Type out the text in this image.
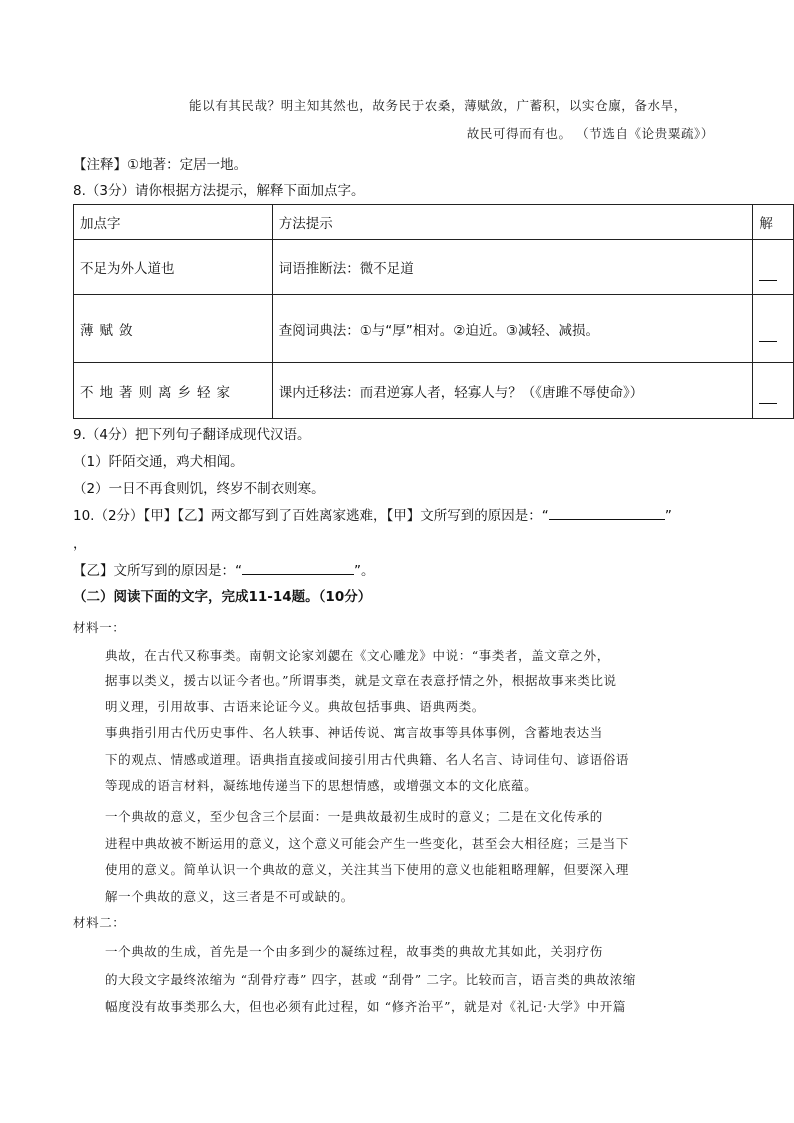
能以有其民哉？明主知其然也，故务民于农桑，薄赋敛，广蓄积，以实仓廪，备水旱，
故民可得而有也。 （节选自《论贵粟疏》）
【注释】①地著：定居一地。
8.（3分）请你根据方法提示，解释下面加点字。
加点字	方法提示	解
不足为外人道也	词语推断法：微不足道	
薄赋敛	查阅词典法：①与“厚”相对。②迫近。③减轻、减损。	
不地著则离乡轻家	课内迁移法：而君逆寡人者，轻寡人与？（《唐雎不辱使命》）	
9.（4分）把下列句子翻译成现代汉语。
（1）阡陌交通，鸡犬相闻。
（2）一日不再食则饥，终岁不制衣则寒。
10.（2分）【甲】【乙】两文都写到了百姓离家逃难，【甲】文所写到的原因是：“	”
，
【乙】文所写到的原因是：“	”。
（二）阅读下面的文字，完成11-14题。（10分）
材料一：
典故，在古代又称事类。南朝文论家刘勰在《文心雕龙》中说：“事类者，盖文章之外，
据事以类义，援古以证今者也。”所谓事类，就是文章在表意抒情之外，根据故事来类比说
明义理，引用故事、古语来论证今义。典故包括事典、语典两类。
事典指引用古代历史事件、名人轶事、神话传说、寓言故事等具体事例，含蓄地表达当
下的观点、情感或道理。语典指直接或间接引用古代典籍、名人名言、诗词佳句、谚语俗语
等现成的语言材料，凝练地传递当下的思想情感，或增强文本的文化底蕴。
一个典故的意义，至少包含三个层面：一是典故最初生成时的意义；二是在文化传承的
进程中典故被不断运用的意义，这个意义可能会产生一些变化，甚至会大相径庭；三是当下
使用的意义。简单认识一个典故的意义，关注其当下使用的意义也能粗略理解，但要深入理
解一个典故的意义，这三者是不可或缺的。
材料二：
一个典故的生成，首先是一个由多到少的凝练过程，故事类的典故尤其如此，关羽疗伤
的大段文字最终浓缩为 “刮骨疗毒” 四字，甚或 “刮骨” 二字。比较而言，语言类的典故浓缩
幅度没有故事类那么大，但也必须有此过程，如 “修齐治平”，就是对《礼记·大学》中开篇
